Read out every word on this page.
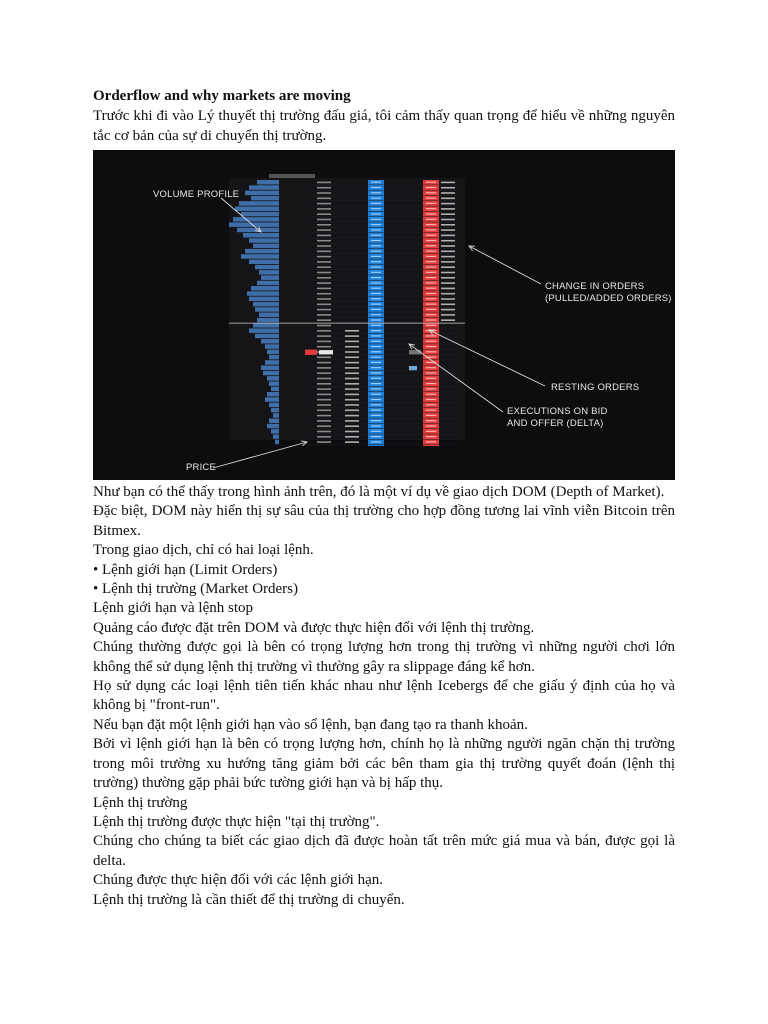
Orderflow and why markets are moving

Trước khi đi vào Lý thuyết thị trường đấu giá, tôi cảm thấy quan trọng để hiểu về những nguyên tắc cơ bản của sự di chuyển thị trường.

VOLUME PROFILE
CHANGE IN ORDERS
(PULLED/ADDED ORDERS)
RESTING ORDERS
EXECUTIONS ON BID
AND OFFER (DELTA)
PRICE

Như bạn có thể thấy trong hình ảnh trên, đó là một ví dụ về giao dịch DOM (Depth of Market).

Đặc biệt, DOM này hiển thị sự sâu của thị trường cho hợp đồng tương lai vĩnh viễn Bitcoin trên Bitmex.

Trong giao dịch, chỉ có hai loại lệnh.

• Lệnh giới hạn (Limit Orders)

• Lệnh thị trường (Market Orders)

Lệnh giới hạn và lệnh stop

Quảng cáo được đặt trên DOM và được thực hiện đối với lệnh thị trường.

Chúng thường được gọi là bên có trọng lượng hơn trong thị trường vì những người chơi lớn không thể sử dụng lệnh thị trường vì thường gây ra slippage đáng kể hơn.

Họ sử dụng các loại lệnh tiên tiến khác nhau như lệnh Icebergs để che giấu ý định của họ và không bị "front-run".

Nếu bạn đặt một lệnh giới hạn vào sổ lệnh, bạn đang tạo ra thanh khoản.

Bởi vì lệnh giới hạn là bên có trọng lượng hơn, chính họ là những người ngăn chặn thị trường trong môi trường xu hướng tăng giảm bởi các bên tham gia thị trường quyết đoán (lệnh thị trường) thường gặp phải bức tường giới hạn và bị hấp thụ.

Lệnh thị trường

Lệnh thị trường được thực hiện "tại thị trường".

Chúng cho chúng ta biết các giao dịch đã được hoàn tất trên mức giá mua và bán, được gọi là delta.

Chúng được thực hiện đối với các lệnh giới hạn.

Lệnh thị trường là cần thiết để thị trường di chuyển.
